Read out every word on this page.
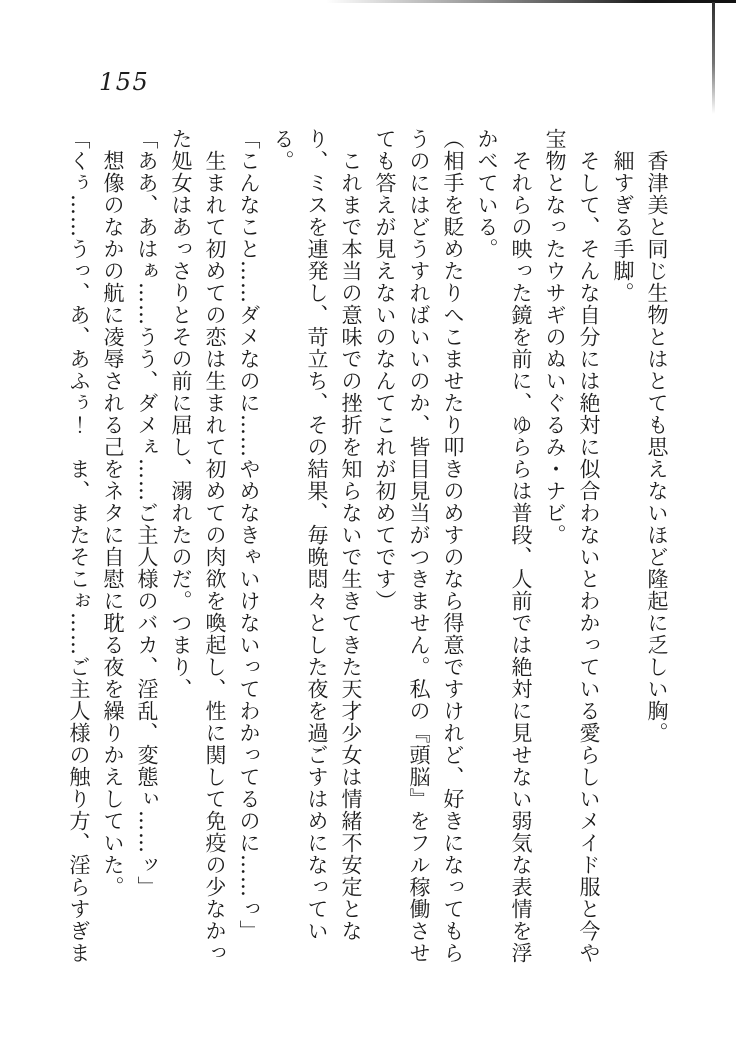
155

香津美と同じ生物とはとても思えないほど隆起に乏しい胸。

細すぎる手脚。

そして、そんな自分には絶対に似合わないとわかっている愛らしいメイド服と今や宝物となったウサギのぬいぐるみ・ナビ。

それらの映った鏡を前に、ゆららは普段、人前では絶対に見せない弱気な表情を浮かべている。

（相手を貶めたりへこませたり叩きのめすのなら得意ですけれど、好きになってもらうのにはどうすればいいのか、皆目見当がつきません。私の『頭脳』をフル稼働させても答えが見えないのなんてこれが初めてです）

これまで本当の意味での挫折を知らないで生きてきた天才少女は情緒不安定となり、ミスを連発し、苛立ち、その結果、毎晩悶々とした夜を過ごすはめになっている。

「こんなこと……ダメなのに……やめなきゃいけないってわかってるのに……っ」

生まれて初めての恋は生まれて初めての肉欲を喚起し、性に関して免疫の少なかった処女はあっさりとその前に屈し、溺れたのだ。つまり、

「ああ、あはぁ……うう、ダメぇ……ご主人様のバカ、淫乱、変態ぃ……ッ」

想像のなかの航に凌辱される己をネタに自慰に耽る夜を繰りかえしていた。

「くぅ……うっ、あ、あふぅ！　ま、またそこぉ……ご主人様の触り方、淫らすぎま
